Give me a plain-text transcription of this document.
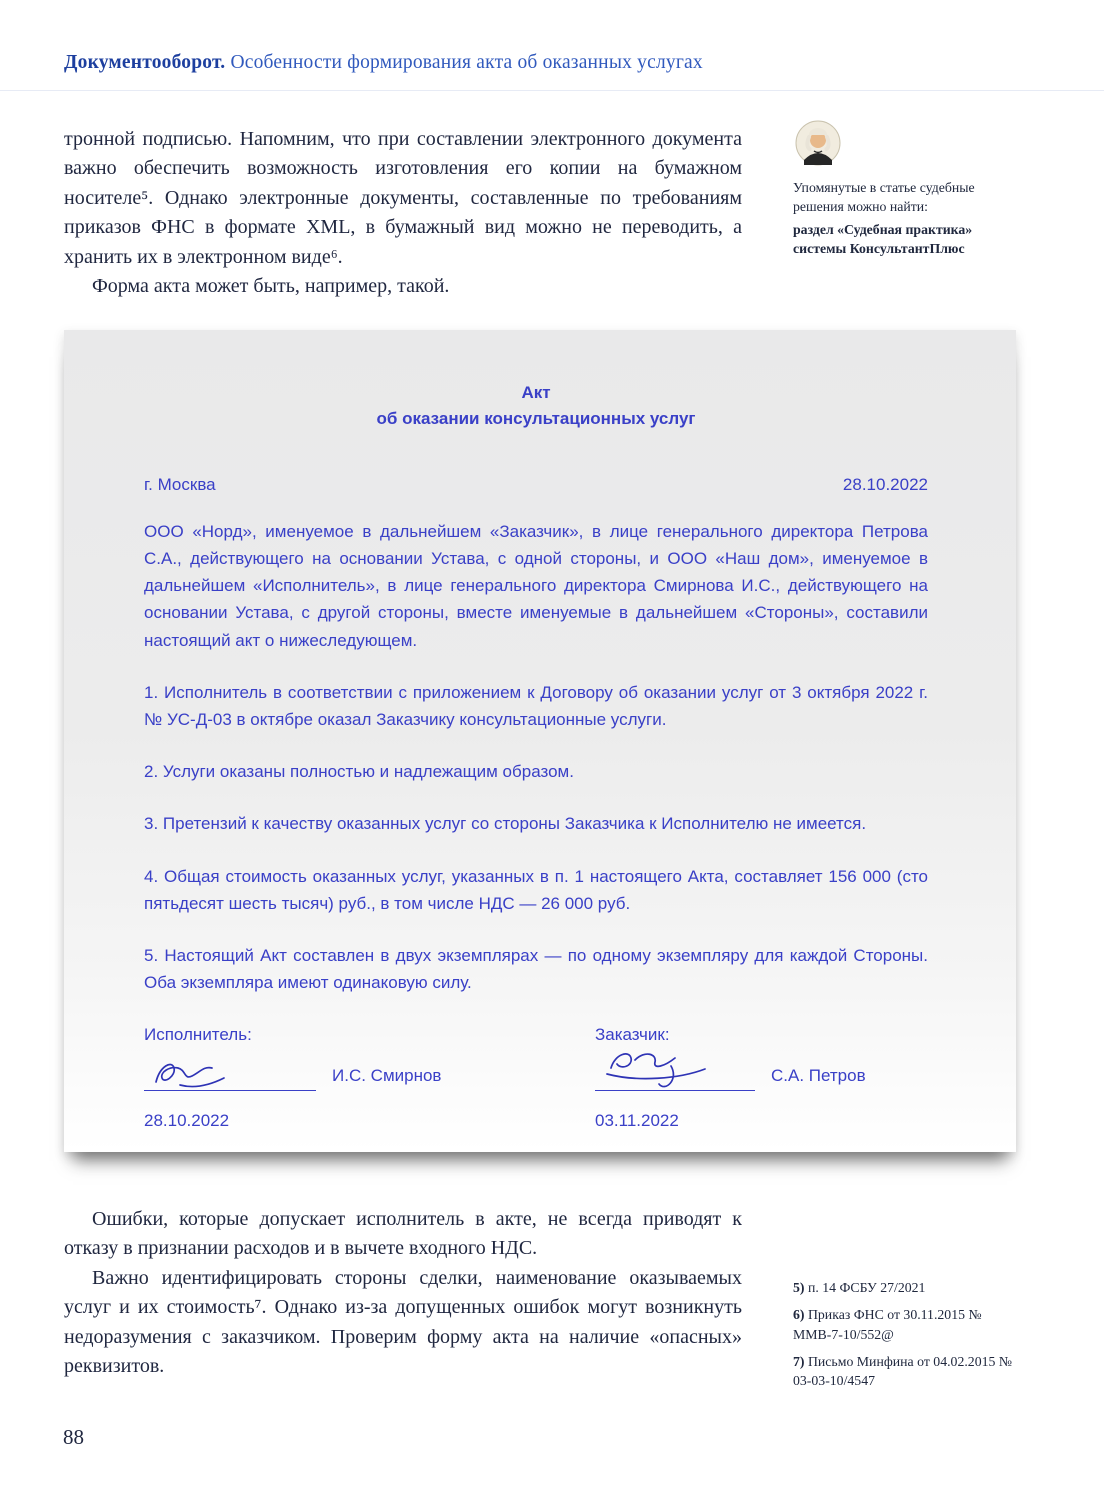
Документооборот. Особенности формирования акта об оказанных услугах

тронной подписью. Напомним, что при составлении электронного документа важно обеспечить возможность изготовления его копии на бумажном носителе⁵. Однако электронные документы, составленные по требованиям приказов ФНС в формате XML, в бумажный вид можно не переводить, а хранить их в электронном виде⁶.

Форма акта может быть, например, такой.

Упомянутые в статье судебные решения можно найти:

раздел «Судебная практика» системы КонсультантПлюс

Акт
об оказании консультационных услуг
г. Москва	28.10.2022

ООО «Норд», именуемое в дальнейшем «Заказчик», в лице генерального директора Петрова С.А., действующего на основании Устава, с одной стороны, и ООО «Наш дом», именуемое в дальнейшем «Исполнитель», в лице генерального директора Смирнова И.С., действующего на основании Устава, с другой стороны, вместе именуемые в дальнейшем «Стороны», составили настоящий акт о нижеследующем.

1. Исполнитель в соответствии с приложением к Договору об оказании услуг от 3 октября 2022 г. № УС-Д-03 в октябре оказал Заказчику консультационные услуги.

2. Услуги оказаны полностью и надлежащим образом.

3. Претензий к качеству оказанных услуг со стороны Заказчика к Исполнителю не имеется.

4. Общая стоимость оказанных услуг, указанных в п. 1 настоящего Акта, составляет 156 000 (сто пятьдесят шесть тысяч) руб., в том числе НДС — 26 000 руб.

5. Настоящий Акт составлен в двух экземплярах — по одному экземпляру для каждой Стороны. Оба экземпляра имеют одинаковую силу.

Исполнитель:

И.С. Смирнов

28.10.2022

Заказчик:

С.А. Петров

03.11.2022

Ошибки, которые допускает исполнитель в акте, не всегда приводят к отказу в признании расходов и в вычете входного НДС.

Важно идентифицировать стороны сделки, наименование оказываемых услуг и их стоимость⁷. Однако из-за допущенных ошибок могут возникнуть недоразумения с заказчиком. Проверим форму акта на наличие «опасных» реквизитов.

5) п. 14 ФСБУ 27/2021

6) Приказ ФНС от 30.11.2015 № ММВ-7-10/552@

7) Письмо Минфина от 04.02.2015 № 03-03-10/4547

88
